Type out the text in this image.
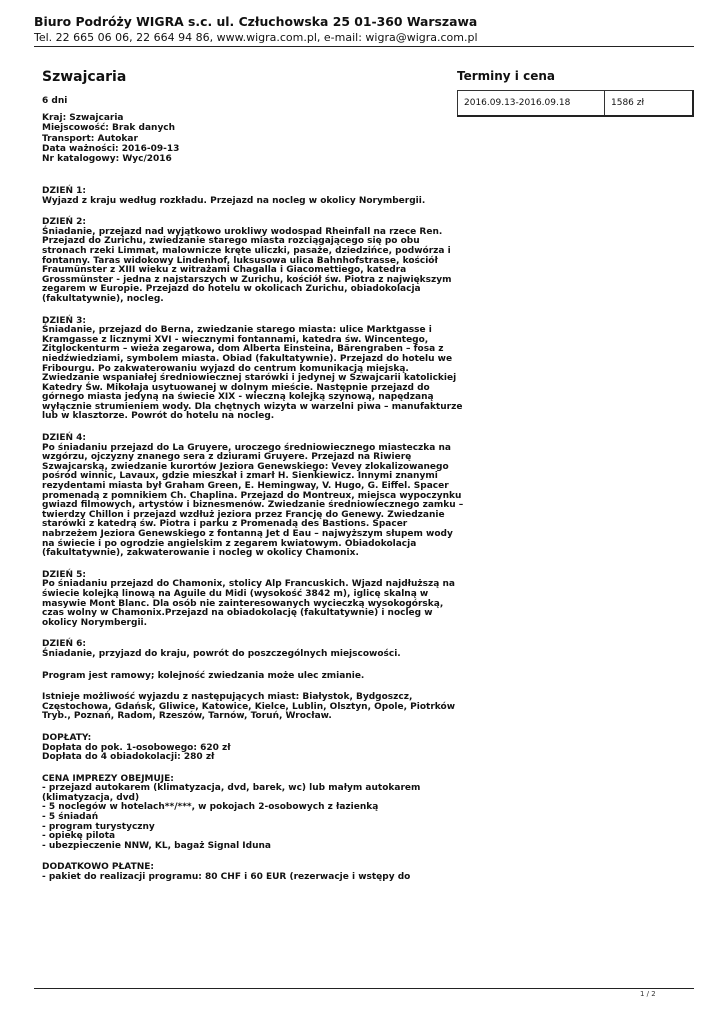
Biuro Podróży WIGRA s.c. ul. Człuchowska 25 01-360 Warszawa
Tel. 22 665 06 06, 22 664 94 86, www.wigra.com.pl, e-mail: wigra@wigra.com.pl
Szwajcaria
6 dni
Kraj: Szwajcaria
Miejscowość: Brak danych
Transport: Autokar
Data ważności: 2016-09-13
Nr katalogowy: Wyc/2016
Terminy i cena
2016.09.13-2016.09.18	1586 zł
DZIEŃ 1:
Wyjazd z kraju według rozkładu. Przejazd na nocleg w okolicy Norymbergii.
DZIEŃ 2:
Śniadanie, przejazd nad wyjątkowo urokliwy wodospad Rheinfall na rzece Ren.
Przejazd do Zurichu, zwiedzanie starego miasta rozciągającego się po obu
stronach rzeki Limmat, malownicze kręte uliczki, pasaże, dziedzińce, podwórza i
fontanny. Taras widokowy Lindenhof, luksusowa ulica Bahnhofstrasse, kościół
Fraumünster z XIII wieku z witrażami Chagalla i Giacomettiego, katedra
Grossmünster - jedna z najstarszych w Zurichu, kościół św. Piotra z największym
zegarem w Europie. Przejazd do hotelu w okolicach Zurichu, obiadokolacja
(fakultatywnie), nocleg.
DZIEŃ 3:
Śniadanie, przejazd do Berna, zwiedzanie starego miasta: ulice Marktgasse i
Kramgasse z licznymi XVI - wiecznymi fontannami, katedra św. Wincentego,
Zitglockenturm – wieża zegarowa, dom Alberta Einsteina, Bärengraben – fosa z
niedźwiedziami, symbolem miasta. Obiad (fakultatywnie). Przejazd do hotelu we
Fribourgu. Po zakwaterowaniu wyjazd do centrum komunikacją miejską.
Zwiedzanie wspaniałej średniowiecznej starówki i jedynej w Szwajcarii katolickiej
Katedry Św. Mikołaja usytuowanej w dolnym mieście. Następnie przejazd do
górnego miasta jedyną na świecie XIX - wieczną kolejką szynową, napędzaną
wyłącznie strumieniem wody. Dla chętnych wizyta w warzelni piwa – manufakturze
lub w klasztorze. Powrót do hotelu na nocleg.
DZIEŃ 4:
Po śniadaniu przejazd do La Gruyere, uroczego średniowiecznego miasteczka na
wzgórzu, ojczyzny znanego sera z dziurami Gruyere. Przejazd na Riwierę
Szwajcarską, zwiedzanie kurortów Jeziora Genewskiego: Vevey zlokalizowanego
pośród winnic, Lavaux, gdzie mieszkał i zmarł H. Sienkiewicz. Innymi znanymi
rezydentami miasta był Graham Green, E. Hemingway, V. Hugo, G. Eiffel. Spacer
promenadą z pomnikiem Ch. Chaplina. Przejazd do Montreux, miejsca wypoczynku
gwiazd filmowych, artystów i biznesmenów. Zwiedzanie średniowiecznego zamku –
twierdzy Chillon i przejazd wzdłuż jeziora przez Francję do Genewy. Zwiedzanie
starówki z katedrą św. Piotra i parku z Promenadą des Bastions. Spacer
nabrzeżem Jeziora Genewskiego z fontanną Jet d Eau – najwyższym słupem wody
na świecie i po ogrodzie angielskim z zegarem kwiatowym. Obiadokolacja
(fakultatywnie), zakwaterowanie i nocleg w okolicy Chamonix.
DZIEŃ 5:
Po śniadaniu przejazd do Chamonix, stolicy Alp Francuskich. Wjazd najdłuższą na
świecie kolejką linową na Aguile du Midi (wysokość 3842 m), iglicę skalną w
masywie Mont Blanc. Dla osób nie zainteresowanych wycieczką wysokogórską,
czas wolny w Chamonix.Przejazd na obiadokolację (fakultatywnie) i nocleg w
okolicy Norymbergii.
DZIEŃ 6:
Śniadanie, przyjazd do kraju, powrót do poszczególnych miejscowości.
Program jest ramowy; kolejność zwiedzania może ulec zmianie.
Istnieje możliwość wyjazdu z następujących miast: Białystok, Bydgoszcz,
Częstochowa, Gdańsk, Gliwice, Katowice, Kielce, Lublin, Olsztyn, Opole, Piotrków
Tryb., Poznań, Radom, Rzeszów, Tarnów, Toruń, Wrocław.
DOPŁATY:
Dopłata do pok. 1-osobowego: 620 zł
Dopłata do 4 obiadokolacji: 280 zł
CENA IMPREZY OBEJMUJE:
- przejazd autokarem (klimatyzacja, dvd, barek, wc) lub małym autokarem
(klimatyzacja, dvd)
- 5 noclegów w hotelach**/***, w pokojach 2-osobowych z łazienką
- 5 śniadań
- program turystyczny
- opiekę pilota
- ubezpieczenie NNW, KL, bagaż Signal Iduna
DODATKOWO PŁATNE:
- pakiet do realizacji programu: 80 CHF i 60 EUR (rezerwacje i wstępy do
1 / 2
